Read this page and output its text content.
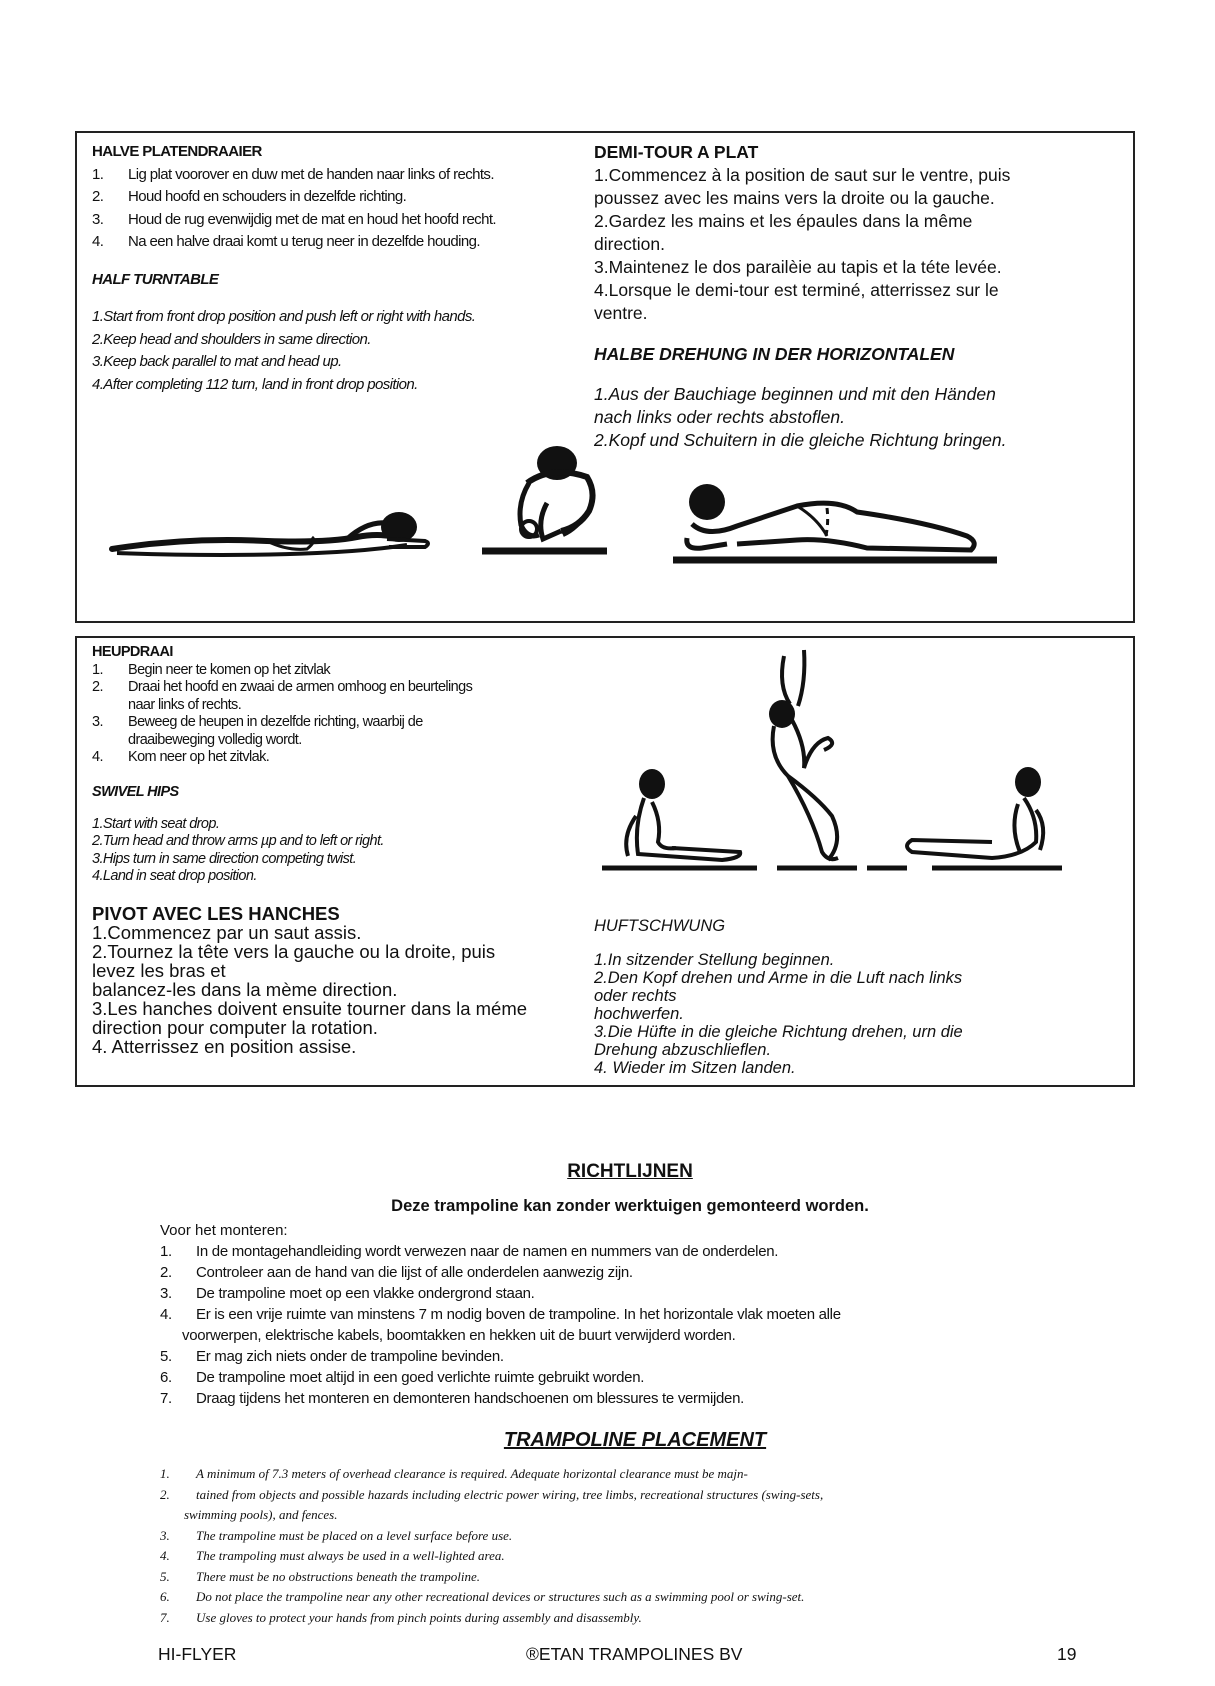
HALVE PLATENDRAAIER

1. Lig plat voorover en duw met de handen naar links of rechts.
2. Houd hoofd en schouders in dezelfde richting.
3. Houd de rug evenwijdig met de mat en houd het hoofd recht.
4. Na een halve draai komt u terug neer in dezelfde houding.

HALF TURNTABLE

1.Start from front drop position and push left or right with hands.
2.Keep head and shoulders in same direction.
3.Keep back parallel to mat and head up.
4.After completing 112 turn, land in front drop position.

DEMI-TOUR A PLAT

1.Commencez à la position de saut sur le ventre, puis
poussez avec les mains vers la droite ou la gauche.
2.Gardez les mains et les épaules dans la même
direction.
3.Maintenez le dos parailèie au tapis et la téte levée.
4.Lorsque le demi-tour est terminé, atterrissez sur le
ventre.

HALBE DREHUNG IN DER HORIZONTALEN

1.Aus der Bauchiage beginnen und mit den Händen
nach links oder rechts abstoflen.
2.Kopf und Schuitern in die gleiche Richtung bringen.

HEUPDRAAI

1. Begin neer te komen op het zitvlak
2. Draai het hoofd en zwaai de armen omhoog en beurtelings
naar links of rechts.
3. Beweeg de heupen in dezelfde richting, waarbij de
draaibeweging volledig wordt.
4. Kom neer op het zitvlak.

SWIVEL HIPS

1.Start with seat drop.
2.Turn head and throw arms µp and to left or right.
3.Hips turn in same direction competing twist.
4.Land in seat drop position.

PIVOT AVEC LES HANCHES

1.Commencez par un saut assis.
2.Tournez la tête vers la gauche ou la droite, puis
levez les bras et
balancez-les dans la mème direction.
3.Les hanches doivent ensuite tourner dans la méme
direction pour computer la rotation.
4. Atterrissez en position assise.

HUFTSCHWUNG

1.In sitzender Stellung beginnen.
2.Den Kopf drehen und Arme in die Luft nach links
oder rechts
hochwerfen.
3.Die Hüfte in die gleiche Richtung drehen, urn die
Drehung abzuschlieflen.
4. Wieder im Sitzen landen.
RICHTLIJNEN
Deze trampoline kan zonder werktuigen gemonteerd worden.
Voor het monteren:
1. In de montagehandleiding wordt verwezen naar de namen en nummers van de onderdelen.
2. Controleer aan de hand van die lijst of alle onderdelen aanwezig zijn.
3. De trampoline moet op een vlakke ondergrond staan.
4. Er is een vrije ruimte van minstens 7 m nodig boven de trampoline. In het horizontale vlak moeten alle
voorwerpen, elektrische kabels, boomtakken en hekken uit de buurt verwijderd worden.
5. Er mag zich niets onder de trampoline bevinden.
6. De trampoline moet altijd in een goed verlichte ruimte gebruikt worden.
7. Draag tijdens het monteren en demonteren handschoenen om blessures te vermijden.
TRAMPOLINE PLACEMENT
1. A minimum of 7.3 meters of overhead clearance is required. Adequate horizontal clearance must be majn-
2. tained from objects and possible hazards including electric power wiring, tree limbs, recreational structures (swing-sets,
swimming pools), and fences.
3. The trampoline must be placed on a level surface before use.
4. The trampoling must always be used in a well-lighted area.
5. There must be no obstructions beneath the trampoline.
6. Do not place the trampoline near any other recreational devices or structures such as a swimming pool or swing-set.
7. Use gloves to protect your hands from pinch points during assembly and disassembly.
HI-FLYER	®ETAN TRAMPOLINES BV	19
